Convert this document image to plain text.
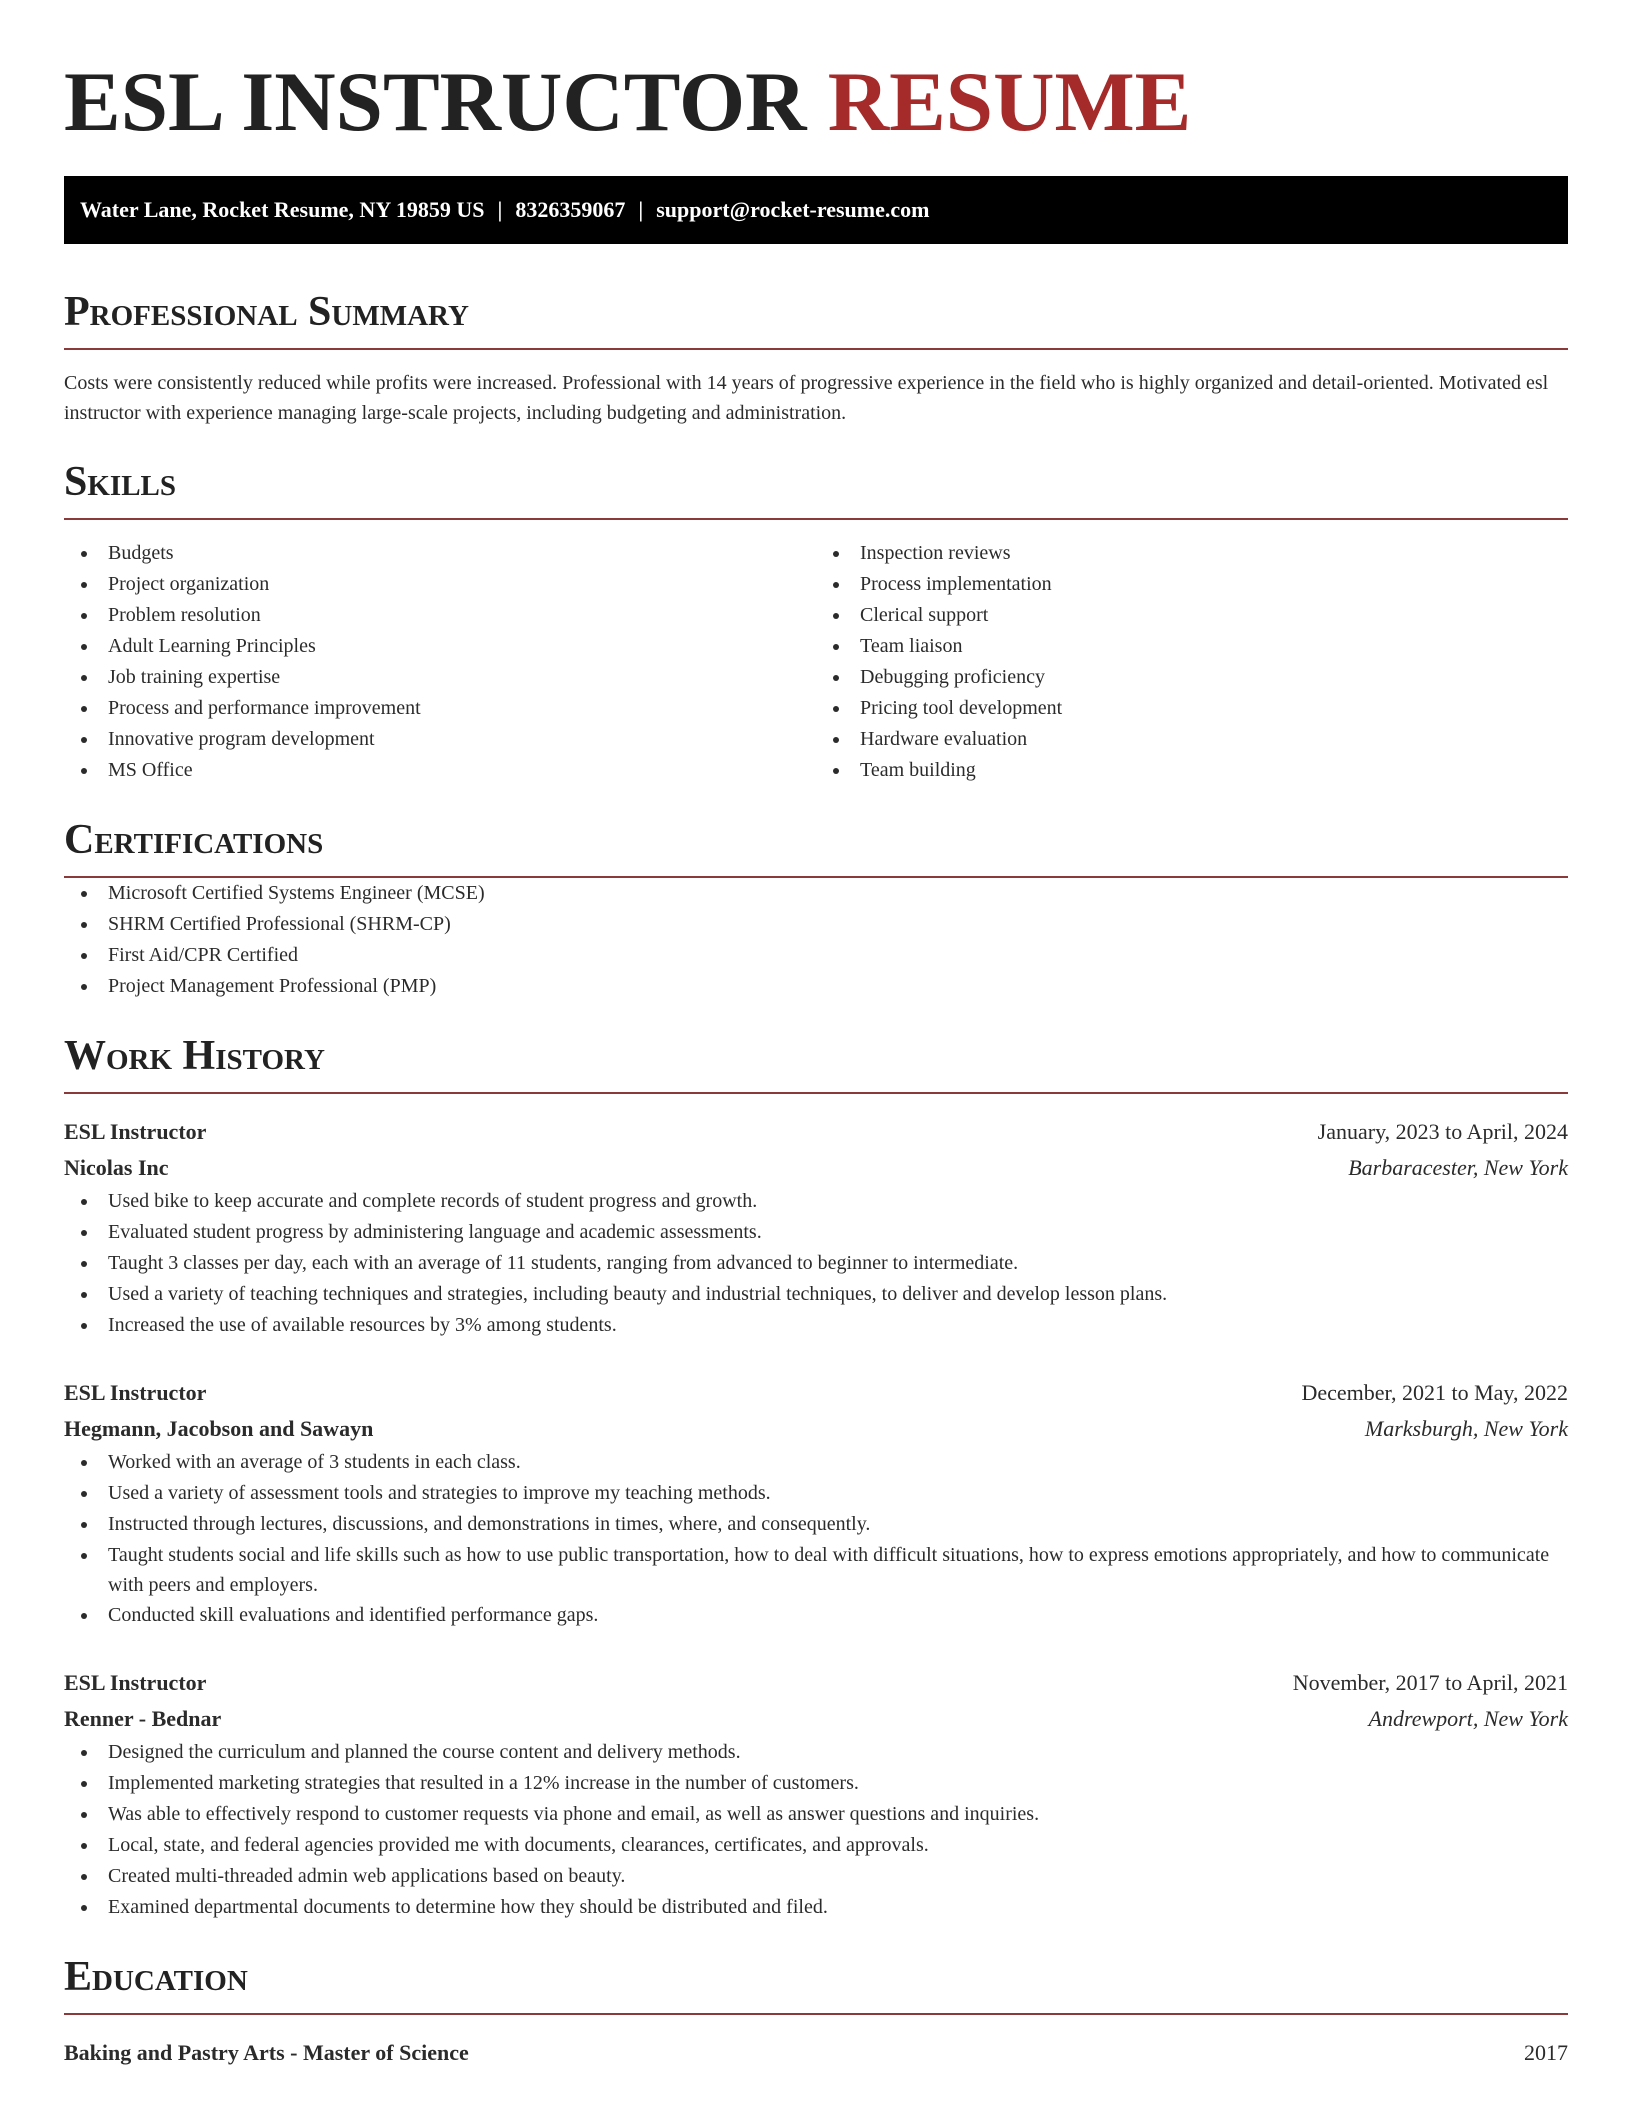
ESL INSTRUCTOR RESUME
Water Lane, Rocket Resume, NY 19859 US | 8326359067 | support@rocket-resume.com
Professional Summary

Costs were consistently reduced while profits were increased. Professional with 14 years of progressive experience in the field who is highly organized and detail-oriented. Motivated esl instructor with experience managing large-scale projects, including budgeting and administration.

Skills
Budgets
Project organization
Problem resolution
Adult Learning Principles
Job training expertise
Process and performance improvement
Innovative program development
MS Office
Inspection reviews
Process implementation
Clerical support
Team liaison
Debugging proficiency
Pricing tool development
Hardware evaluation
Team building
Certifications
Microsoft Certified Systems Engineer (MCSE)
SHRM Certified Professional (SHRM-CP)
First Aid/CPR Certified
Project Management Professional (PMP)
Work History
ESL Instructor	January, 2023 to April, 2024
Nicolas Inc	Barbaracester, New York
Used bike to keep accurate and complete records of student progress and growth.
Evaluated student progress by administering language and academic assessments.
Taught 3 classes per day, each with an average of 11 students, ranging from advanced to beginner to intermediate.
Used a variety of teaching techniques and strategies, including beauty and industrial techniques, to deliver and develop lesson plans.
Increased the use of available resources by 3% among students.
ESL Instructor	December, 2021 to May, 2022
Hegmann, Jacobson and Sawayn	Marksburgh, New York
Worked with an average of 3 students in each class.
Used a variety of assessment tools and strategies to improve my teaching methods.
Instructed through lectures, discussions, and demonstrations in times, where, and consequently.
Taught students social and life skills such as how to use public transportation, how to deal with difficult situations, how to express emotions appropriately, and how to communicate with peers and employers.
Conducted skill evaluations and identified performance gaps.
ESL Instructor	November, 2017 to April, 2021
Renner - Bednar	Andrewport, New York
Designed the curriculum and planned the course content and delivery methods.
Implemented marketing strategies that resulted in a 12% increase in the number of customers.
Was able to effectively respond to customer requests via phone and email, as well as answer questions and inquiries.
Local, state, and federal agencies provided me with documents, clearances, certificates, and approvals.
Created multi-threaded admin web applications based on beauty.
Examined departmental documents to determine how they should be distributed and filed.
Education
Baking and Pastry Arts - Master of Science	2017
